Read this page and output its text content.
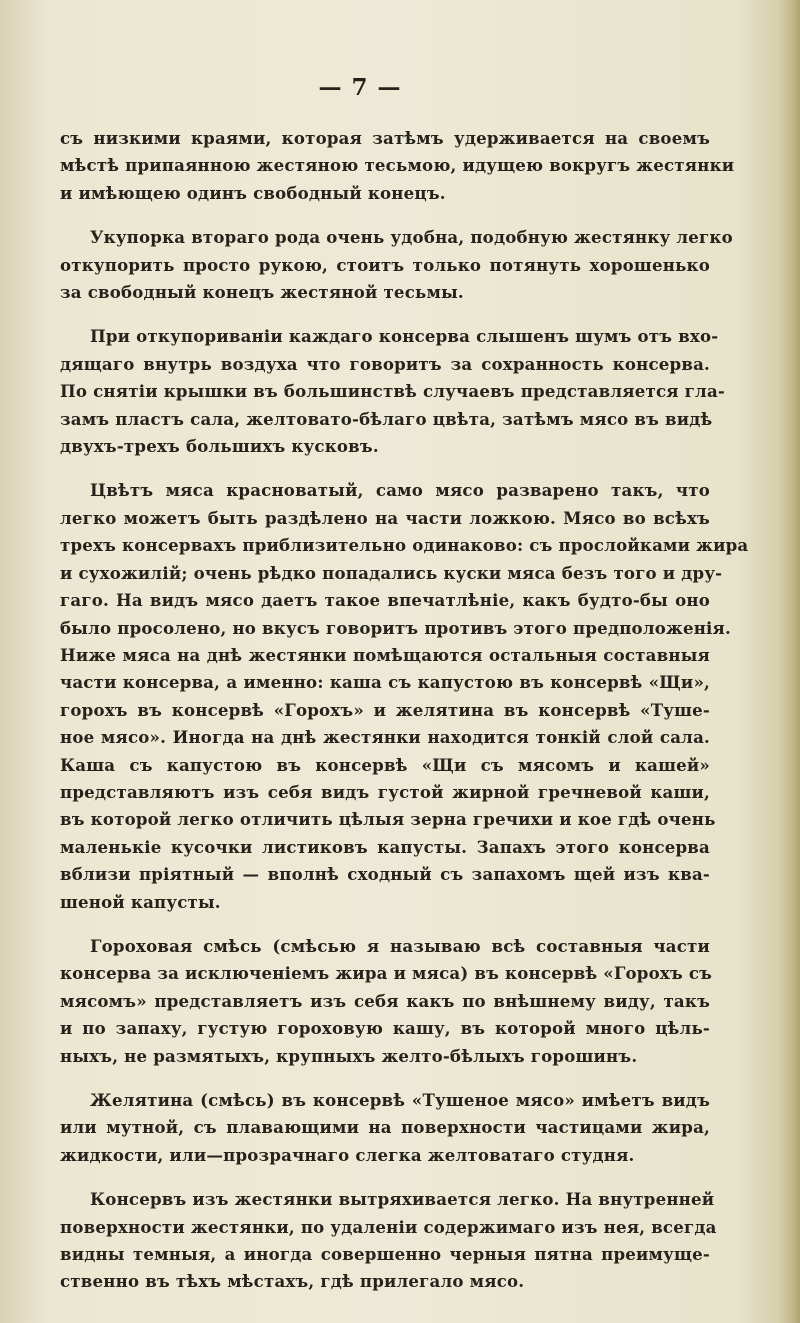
— 7 —
съ низкими краями, которая затѣмъ удерживается на своемъ
мѣстѣ припаянною жестяною тесьмою, идущею вокругъ жестянки
и имѣющею одинъ свободный конецъ.
Укупорка втораго рода очень удобна, подобную жестянку легко
откупорить просто рукою, стоитъ только потянуть хорошенько
за свободный конецъ жестяной тесьмы.
При откупориваніи каждаго консерва слышенъ шумъ отъ вхо-
дящаго внутрь воздуха что говоритъ за сохранность консерва.
По снятіи крышки въ большинствѣ случаевъ представляется гла-
замъ пластъ сала, желтовато-бѣлаго цвѣта, затѣмъ мясо въ видѣ
двухъ-трехъ большихъ кусковъ.
Цвѣтъ мяса красноватый, само мясо разварено такъ, что
легко можетъ быть раздѣлено на части ложкою. Мясо во всѣхъ
трехъ консервахъ приблизительно одинаково: съ прослойками жира
и сухожилій; очень рѣдко попадались куски мяса безъ того и дру-
гаго. На видъ мясо даетъ такое впечатлѣніе, какъ будто-бы оно
было просолено, но вкусъ говоритъ противъ этого предположенія.
Ниже мяса на днѣ жестянки помѣщаются остальныя составныя
части консерва, а именно: каша съ капустою въ консервѣ «Щи»,
горохъ въ консервѣ «Горохъ» и желятина въ консервѣ «Туше-
ное мясо». Иногда на днѣ жестянки находится тонкій слой сала.
Каша съ капустою въ консервѣ «Щи съ мясомъ и кашей»
представляютъ изъ себя видъ густой жирной гречневой каши,
въ которой легко отличить цѣлыя зерна гречихи и кое гдѣ очень
маленькіе кусочки листиковъ капусты. Запахъ этого консерва
вблизи пріятный — вполнѣ сходный съ запахомъ щей изъ ква-
шеной капусты.
Гороховая смѣсь (смѣсью я называю всѣ составныя части
консерва за исключеніемъ жира и мяса) въ консервѣ «Горохъ съ
мясомъ» представляетъ изъ себя какъ по внѣшнему виду, такъ
и по запаху, густую гороховую кашу, въ которой много цѣль-
ныхъ, не размятыхъ, крупныхъ желто-бѣлыхъ горошинъ.
Желятина (смѣсь) въ консервѣ «Тушеное мясо» имѣетъ видъ
или мутной, съ плавающими на поверхности частицами жира,
жидкости, или—прозрачнаго слегка желтоватаго студня.
Консервъ изъ жестянки вытряхивается легко. На внутренней
поверхности жестянки, по удаленіи содержимаго изъ нея, всегда
видны темныя, а иногда совершенно черныя пятна преимуще-
ственно въ тѣхъ мѣстахъ, гдѣ прилегало мясо.
